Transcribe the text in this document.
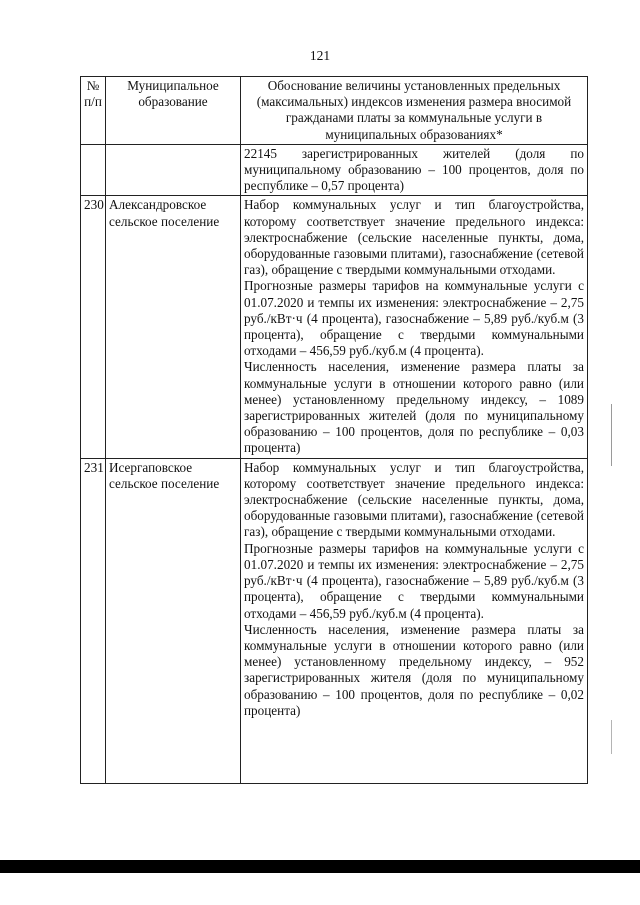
121
№ п/п	Муниципальное образование	Обоснование величины установленных предельных (максимальных) индексов изменения размера вносимой гражданами платы за коммунальные услуги в муниципальных образованиях*

		22145 зарегистрированных жителей (доля по муниципальному образованию – 100 процентов, доля по республике – 0,57 процента)

230	Александровское сельское поселение	Набор коммунальных услуг и тип благоустройства, которому соответствует значение предельного индекса: электроснабжение (сельские населенные пункты, дома, оборудованные газовыми плитами), газоснабжение (сетевой газ), обращение с твердыми коммунальными отходами.

Прогнозные размеры тарифов на коммунальные услуги с 01.07.2020 и темпы их изменения: электроснабжение – 2,75 руб./кВт·ч (4 процента), газоснабжение – 5,89 руб./куб.м (3 процента), обращение с твердыми коммунальными отходами – 456,59 руб./куб.м (4 процента).

Численность населения, изменение размера платы за коммунальные услуги в отношении которого равно (или менее) установленному предельному индексу, – 1089 зарегистрированных жителей (доля по муниципальному образованию – 100 процентов, доля по республике – 0,03 процента)

231	Исергаповское сельское поселение	Набор коммунальных услуг и тип благоустройства, которому соответствует значение предельного индекса: электроснабжение (сельские населенные пункты, дома, оборудованные газовыми плитами), газоснабжение (сетевой газ), обращение с твердыми коммунальными отходами.

Прогнозные размеры тарифов на коммунальные услуги с 01.07.2020 и темпы их изменения: электроснабжение – 2,75 руб./кВт·ч (4 процента), газоснабжение – 5,89 руб./куб.м (3 процента), обращение с твердыми коммунальными отходами – 456,59 руб./куб.м (4 процента).

Численность населения, изменение размера платы за коммунальные услуги в отношении которого равно (или менее) установленному предельному индексу, – 952 зарегистрированных жителя (доля по муниципальному образованию – 100 процентов, доля по республике – 0,02 процента)
